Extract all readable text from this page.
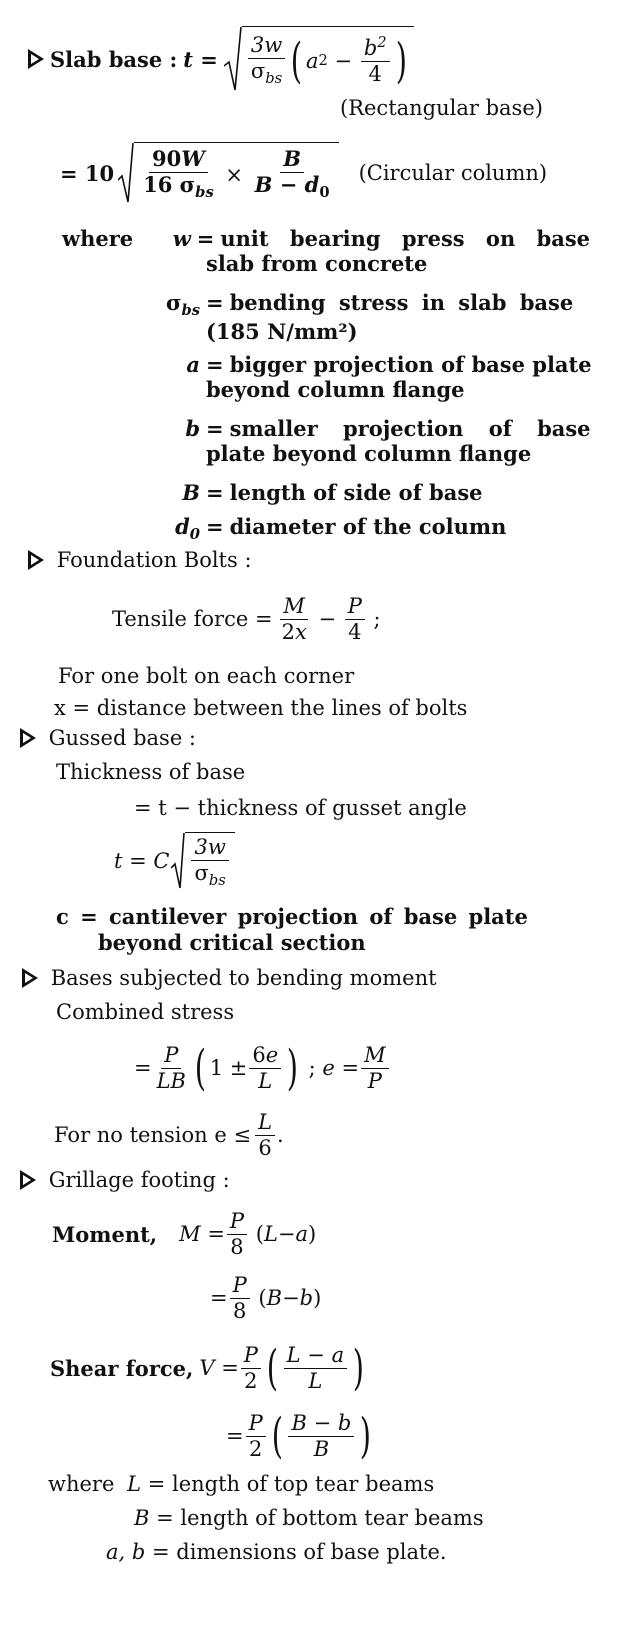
Slab base : $t = \frac{3w}{\sigma_{bs}}$ ( a $2 - \frac{b^2}{4}$ )
(Rectangular base)
= $10 \frac{90W}{16 \sigma_{bs}} \times \frac{B}{B - d_0}$ (Circular column)
where	w = unit bearing press on base
slab from concrete
$\sigma_{bs}$ = bending stress in slab base
(185 N/mm²)
a = bigger projection of base plate
beyond column flange
b = smaller projection of base
plate beyond column flange
B = length of side of base
$d_0$ = diameter of the column
Foundation Bolts :
Tensile force = $\frac{M}{2x} - \frac{P}{4}$ ;
For one bolt on each corner
x = distance between the lines of bolts
Gussed base :
Thickness of base
= t − thickness of gusset angle
t = C $\frac{3w}{\sigma_{bs}}$
c = cantilever projection of base plate
beyond critical section
Bases subjected to bending moment
Combined stress
= $\frac{P}{LB}$ ( $1 \pm \frac{6e}{L}$ ) ; $e = \frac{M}{P}$
For no tension $e \le \frac{L}{6}$ .
Grillage footing :
Moment, $M = \frac{P}{8}$ ( L − a )
= $\frac{P}{8}$ ( B − b )
Shear force, $V = \frac{P}{2}$ ( $\frac{L - a}{L}$ )
= $\frac{P}{2}$ ( $\frac{B - b}{B}$ )
where L = length of top tear beams
B = length of bottom tear beams
a, b = dimensions of base plate.
